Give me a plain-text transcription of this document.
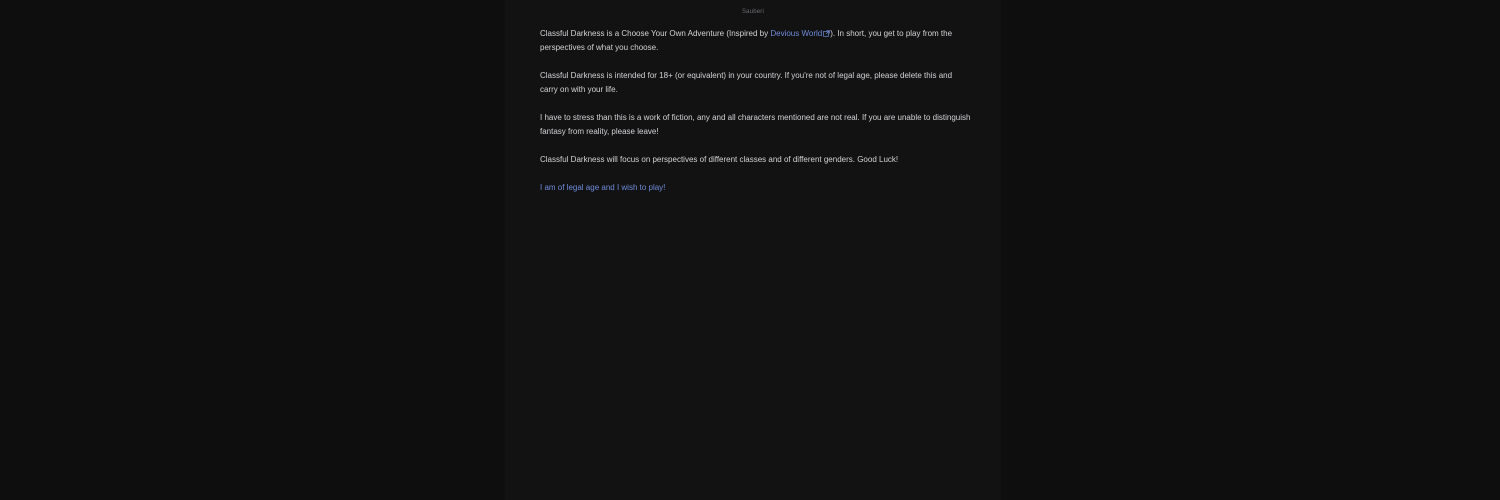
Sauberi

Classful Darkness is a Choose Your Own Adventure (Inspired by Devious World ). In short, you get to play from the perspectives of what you choose.

Classful Darkness is intended for 18+ (or equivalent) in your country. If you're not of legal age, please delete this and carry on with your life.

I have to stress than this is a work of fiction, any and all characters mentioned are not real. If you are unable to distinguish fantasy from reality, please leave!

Classful Darkness will focus on perspectives of different classes and of different genders. Good Luck!

I am of legal age and I wish to play!
